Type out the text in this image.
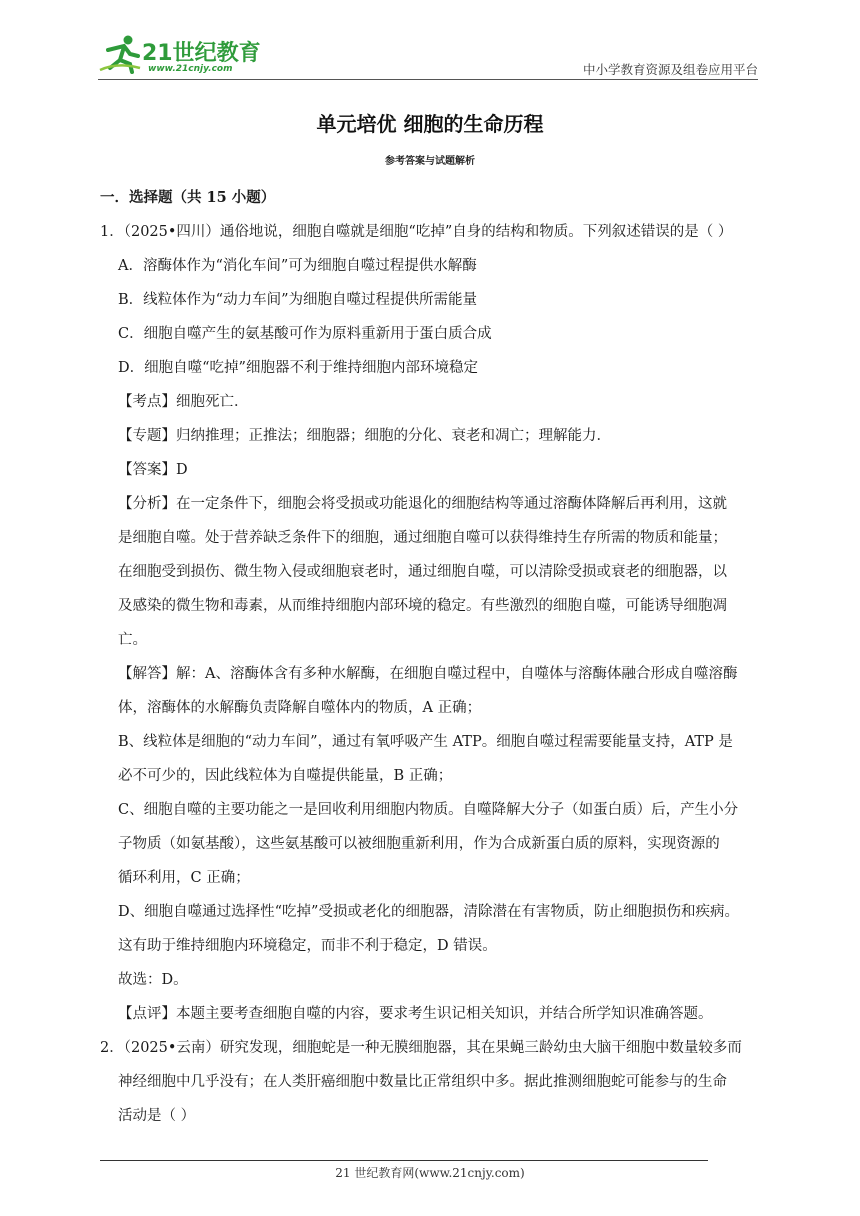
21世纪教育
www.21cnjy.com	中小学教育资源及组卷应用平台
单元培优 细胞的生命历程
参考答案与试题解析
一．选择题（共 15 小题）
1．（2025•四川）通俗地说，细胞自噬就是细胞“吃掉”自身的结构和物质。下列叙述错误的是（ ）
A．溶酶体作为“消化车间”可为细胞自噬过程提供水解酶
B．线粒体作为“动力车间”为细胞自噬过程提供所需能量
C．细胞自噬产生的氨基酸可作为原料重新用于蛋白质合成
D．细胞自噬“吃掉”细胞器不利于维持细胞内部环境稳定
【考点】细胞死亡．
【专题】归纳推理；正推法；细胞器；细胞的分化、衰老和凋亡；理解能力．
【答案】D
【分析】在一定条件下，细胞会将受损或功能退化的细胞结构等通过溶酶体降解后再利用，这就
是细胞自噬。处于营养缺乏条件下的细胞，通过细胞自噬可以获得维持生存所需的物质和能量；
在细胞受到损伤、微生物入侵或细胞衰老时，通过细胞自噬，可以清除受损或衰老的细胞器，以
及感染的微生物和毒素，从而维持细胞内部环境的稳定。有些激烈的细胞自噬，可能诱导细胞凋
亡。
【解答】解：A、溶酶体含有多种水解酶，在细胞自噬过程中，自噬体与溶酶体融合形成自噬溶酶
体，溶酶体的水解酶负责降解自噬体内的物质，A 正确；
B、线粒体是细胞的“动力车间”，通过有氧呼吸产生 ATP。细胞自噬过程需要能量支持，ATP 是
必不可少的，因此线粒体为自噬提供能量，B 正确；
C、细胞自噬的主要功能之一是回收利用细胞内物质。自噬降解大分子（如蛋白质）后，产生小分
子物质（如氨基酸），这些氨基酸可以被细胞重新利用，作为合成新蛋白质的原料，实现资源的
循环利用，C 正确；
D、细胞自噬通过选择性“吃掉”受损或老化的细胞器，清除潜在有害物质，防止细胞损伤和疾病。
这有助于维持细胞内环境稳定，而非不利于稳定，D 错误。
故选：D。
【点评】本题主要考查细胞自噬的内容，要求考生识记相关知识，并结合所学知识准确答题。
2．（2025•云南）研究发现，细胞蛇是一种无膜细胞器，其在果蝇三龄幼虫大脑干细胞中数量较多而
神经细胞中几乎没有；在人类肝癌细胞中数量比正常组织中多。据此推测细胞蛇可能参与的生命
活动是（ ）
21 世纪教育网(www.21cnjy.com)
